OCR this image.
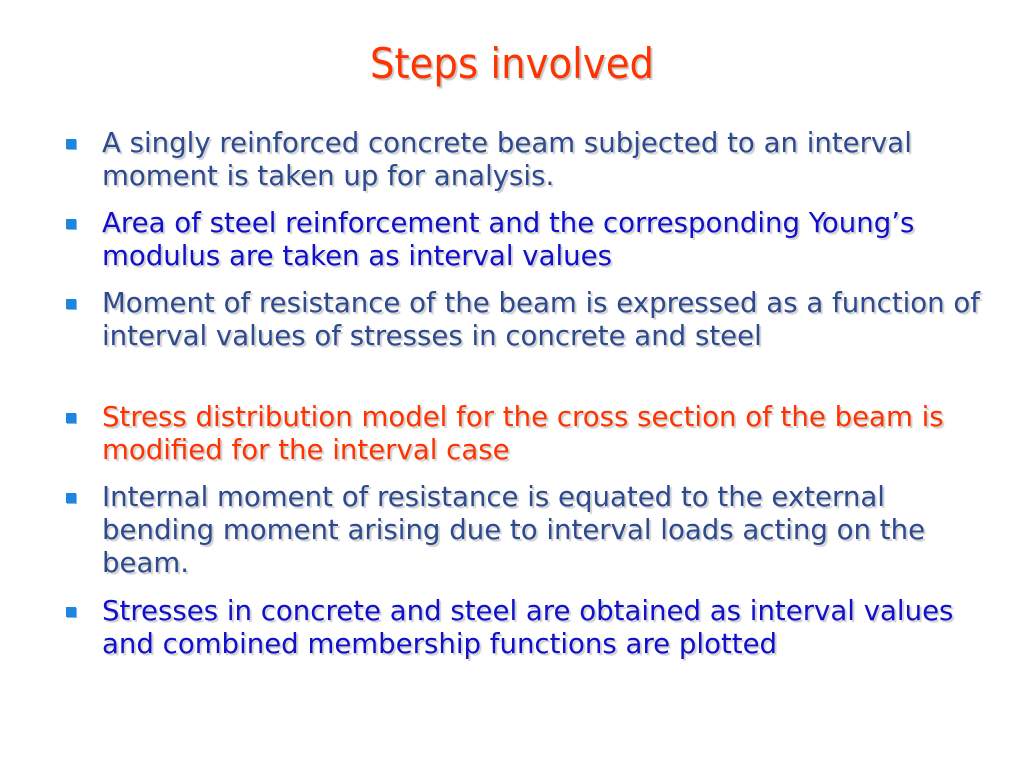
Steps involved
A singly reinforced concrete beam subjected to an interval moment is taken up for analysis.
Area of steel reinforcement and the corresponding Young’s modulus are taken as interval values
Moment of resistance of the beam is expressed as a function of interval values of stresses in concrete and steel
Stress distribution model for the cross section of the beam is modified for the interval case
Internal moment of resistance is equated to the external bending moment arising due to interval loads acting on the beam.
Stresses in concrete and steel are obtained as interval values and combined membership functions are plotted
